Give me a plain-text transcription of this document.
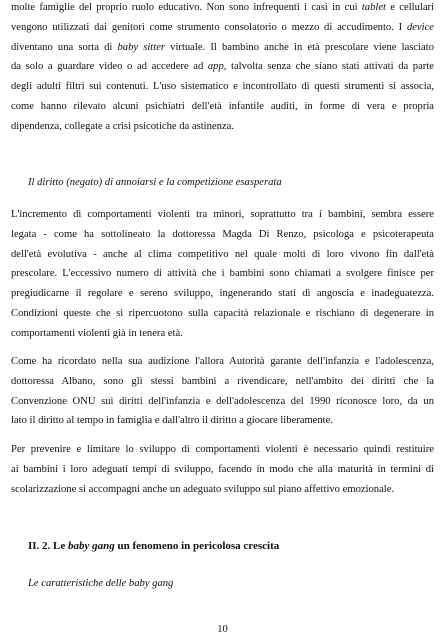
molte famiglie del proprio ruolo educativo. Non sono infrequenti i casi in cui tablet e cellulari
vengono utilizzati dai genitori come strumento consolatorio o mezzo di accudimento. I device
diventano una sorta di baby sitter virtuale. Il bambino anche in età prescolare viene lasciato
da solo a guardare video o ad accedere ad app, talvolta senza che siano stati attivati da parte
degli adulti filtri sui contenuti. L'uso sistematico e incontrollato di questi strumenti si associa,
come hanno rilevato alcuni psichiatri dell'età infantile auditi, in forme di vera e propria
dipendenza, collegate a crisi psicotiche da astinenza.

Il diritto (negato) di annoiarsi e la competizione esasperata

L'incremento di comportamenti violenti tra minori, soprattutto tra i bambini, sembra essere
legata - come ha sottolineato la dottoressa Magda Di Renzo, psicologa e psicoterapeuta
dell'età evolutiva - anche al clima competitivo nel quale molti di loro vivono fin dall'età
prescolare. L'eccessivo numero di attività che i bambini sono chiamati a svolgere finisce per
pregiudicarne il regolare e sereno sviluppo, ingenerando stati di angoscia e inadeguatezza.
Condizioni queste che si ripercuotono sulla capacità relazionale e rischiano di degenerare in
comportamenti violenti già in tenera età.
Come ha ricordato nella sua audizione l'allora Autorità garante dell'infanzia e l'adolescenza,
dottoressa Albano, sono gli stessi bambini a rivendicare, nell'ambito dei diritti che la
Convenzione ONU sui diritti dell'infanzia e dell'adolescenza del 1990 riconosce loro, da un
lato il diritto al tempo in famiglia e dall'altro il diritto a giocare liberamente.
Per prevenire e limitare lo sviluppo di comportamenti violenti è necessario quindi restituire
ai bambini i loro adeguati tempi di sviluppo, facendo in modo che alla maturità in termini di
scolarizzazione si accompagni anche un adeguato sviluppo sul piano affettivo emozionale.

II. 2. Le baby gang un fenomeno in pericolosa crescita

Le caratteristiche delle baby gang

10
